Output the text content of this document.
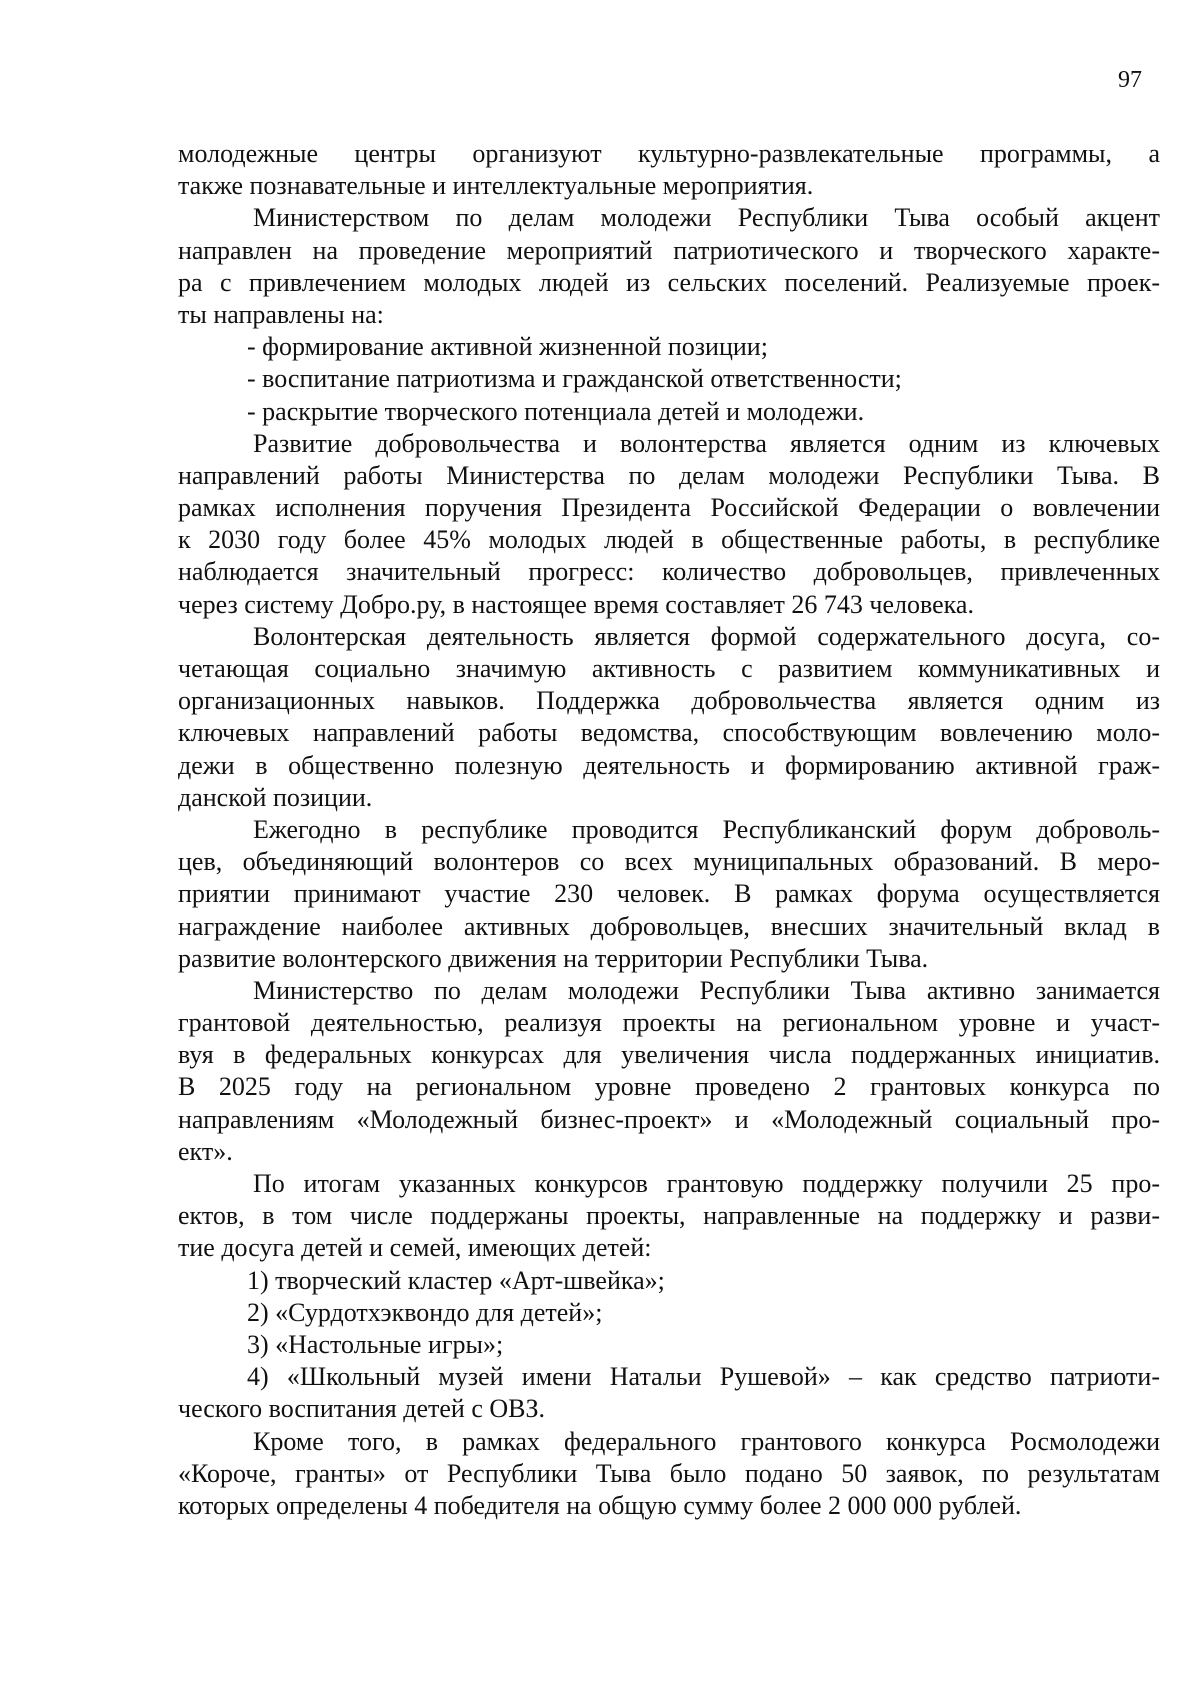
97
молодежные центры организуют культурно-развлекательные программы, а
также познавательные и интеллектуальные мероприятия.
Министерством по делам молодежи Республики Тыва особый акцент
направлен на проведение мероприятий патриотического и творческого характе-
ра с привлечением молодых людей из сельских поселений. Реализуемые проек-
ты направлены на:
- формирование активной жизненной позиции;
- воспитание патриотизма и гражданской ответственности;
- раскрытие творческого потенциала детей и молодежи.
Развитие добровольчества и волонтерства является одним из ключевых
направлений работы Министерства по делам молодежи Республики Тыва. В
рамках исполнения поручения Президента Российской Федерации о вовлечении
к 2030 году более 45% молодых людей в общественные работы, в республике
наблюдается значительный прогресс: количество добровольцев, привлеченных
через систему Добро.ру, в настоящее время составляет 26 743 человека.
Волонтерская деятельность является формой содержательного досуга, со-
четающая социально значимую активность с развитием коммуникативных и
организационных навыков. Поддержка добровольчества является одним из
ключевых направлений работы ведомства, способствующим вовлечению моло-
дежи в общественно полезную деятельность и формированию активной граж-
данской позиции.
Ежегодно в республике проводится Республиканский форум доброволь-
цев, объединяющий волонтеров со всех муниципальных образований. В меро-
приятии принимают участие 230 человек. В рамках форума осуществляется
награждение наиболее активных добровольцев, внесших значительный вклад в
развитие волонтерского движения на территории Республики Тыва.
Министерство по делам молодежи Республики Тыва активно занимается
грантовой деятельностью, реализуя проекты на региональном уровне и участ-
вуя в федеральных конкурсах для увеличения числа поддержанных инициатив.
В 2025 году на региональном уровне проведено 2 грантовых конкурса по
направлениям «Молодежный бизнес-проект» и «Молодежный социальный про-
ект».
По итогам указанных конкурсов грантовую поддержку получили 25 про-
ектов, в том числе поддержаны проекты, направленные на поддержку и разви-
тие досуга детей и семей, имеющих детей:
1) творческий кластер «Арт-швейка»;
2) «Сурдотхэквондо для детей»;
3) «Настольные игры»;
4) «Школьный музей имени Натальи Рушевой» – как средство патриоти-
ческого воспитания детей с ОВЗ.
Кроме того, в рамках федерального грантового конкурса Росмолодежи
«Короче, гранты» от Республики Тыва было подано 50 заявок, по результатам
которых определены 4 победителя на общую сумму более 2 000 000 рублей.
